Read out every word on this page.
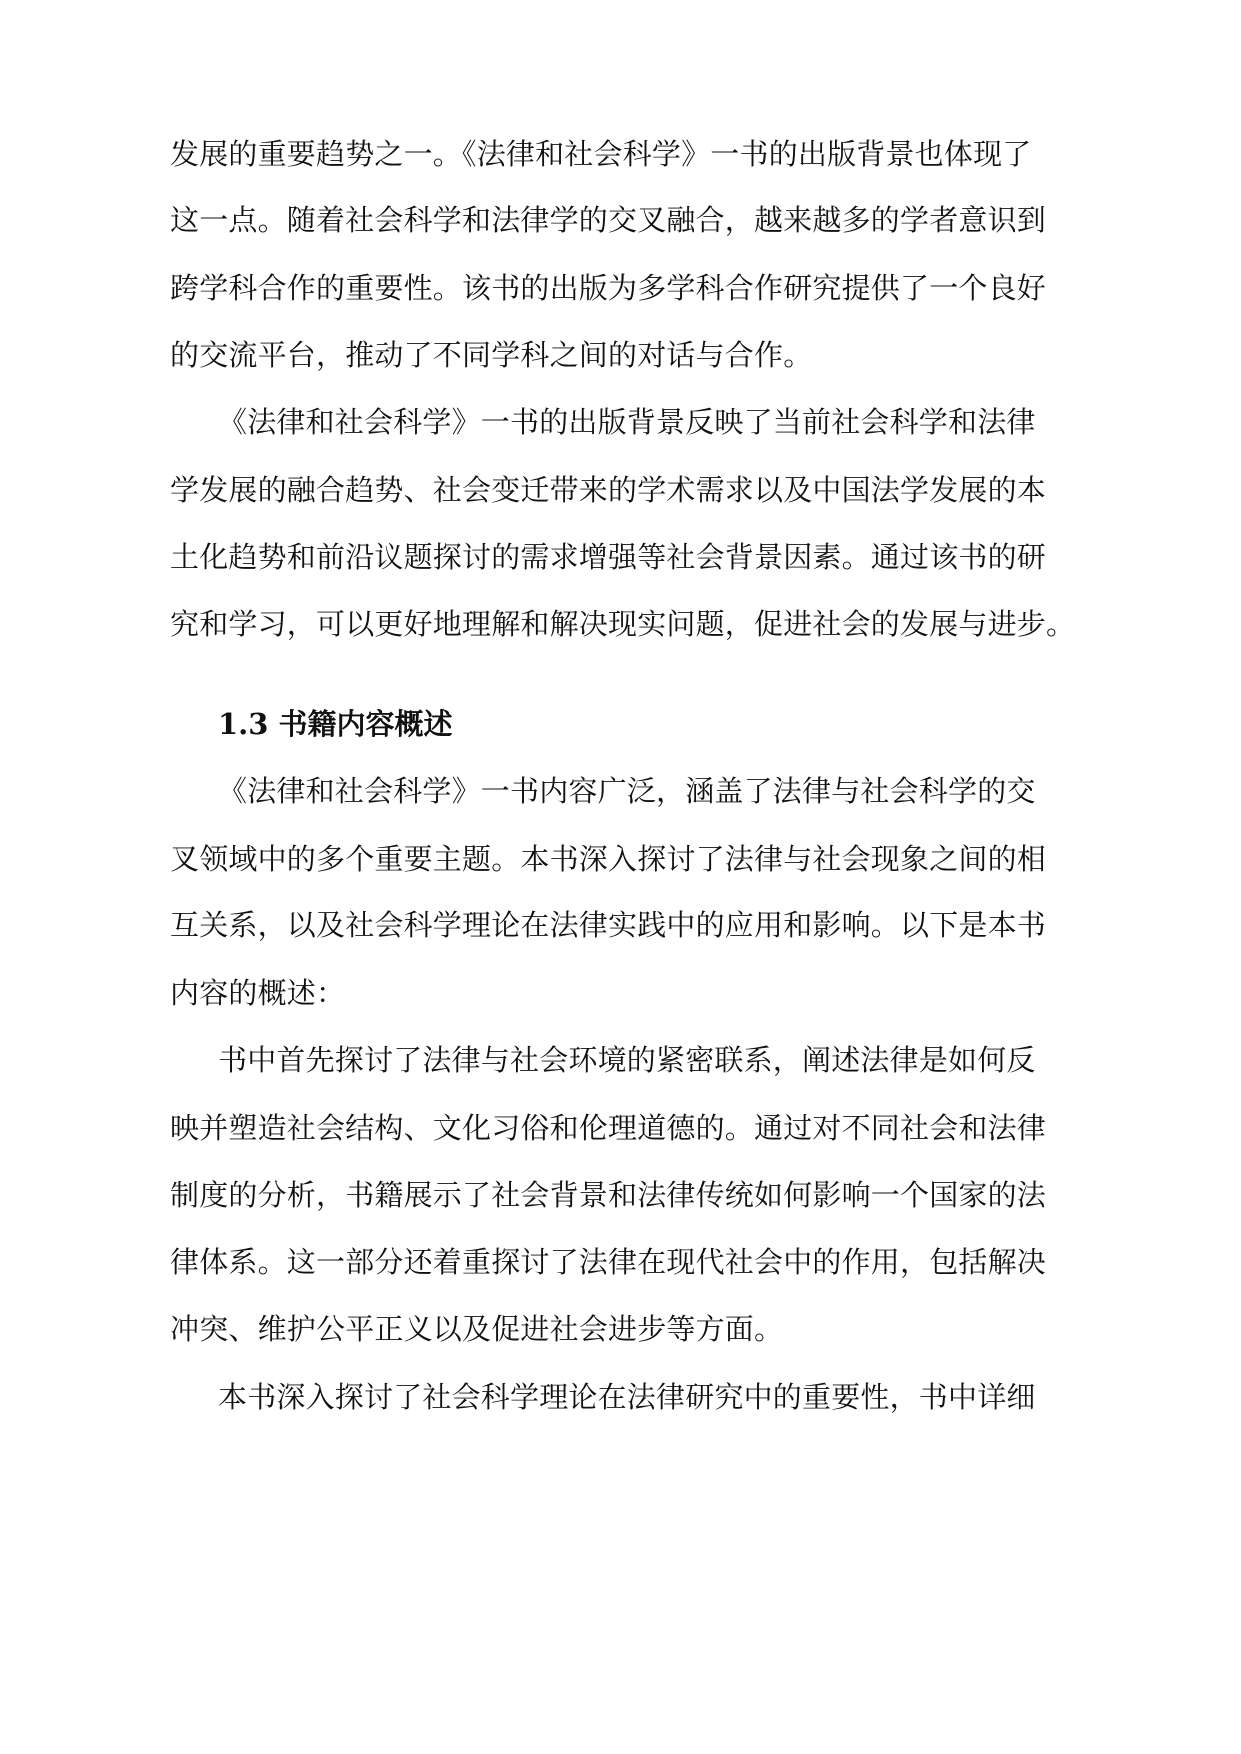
发展的重要趋势之一。《法律和社会科学》一书的出版背景也体现了
这一点。随着社会科学和法律学的交叉融合，越来越多的学者意识到
跨学科合作的重要性。该书的出版为多学科合作研究提供了一个良好
的交流平台，推动了不同学科之间的对话与合作。
《法律和社会科学》一书的出版背景反映了当前社会科学和法律
学发展的融合趋势、社会变迁带来的学术需求以及中国法学发展的本
土化趋势和前沿议题探讨的需求增强等社会背景因素。通过该书的研
究和学习，可以更好地理解和解决现实问题，促进社会的发展与进步。
1.3 书籍内容概述
《法律和社会科学》一书内容广泛，涵盖了法律与社会科学的交
叉领域中的多个重要主题。本书深入探讨了法律与社会现象之间的相
互关系，以及社会科学理论在法律实践中的应用和影响。以下是本书
内容的概述：
书中首先探讨了法律与社会环境的紧密联系，阐述法律是如何反
映并塑造社会结构、文化习俗和伦理道德的。通过对不同社会和法律
制度的分析，书籍展示了社会背景和法律传统如何影响一个国家的法
律体系。这一部分还着重探讨了法律在现代社会中的作用，包括解决
冲突、维护公平正义以及促进社会进步等方面。
本书深入探讨了社会科学理论在法律研究中的重要性，书中详细
